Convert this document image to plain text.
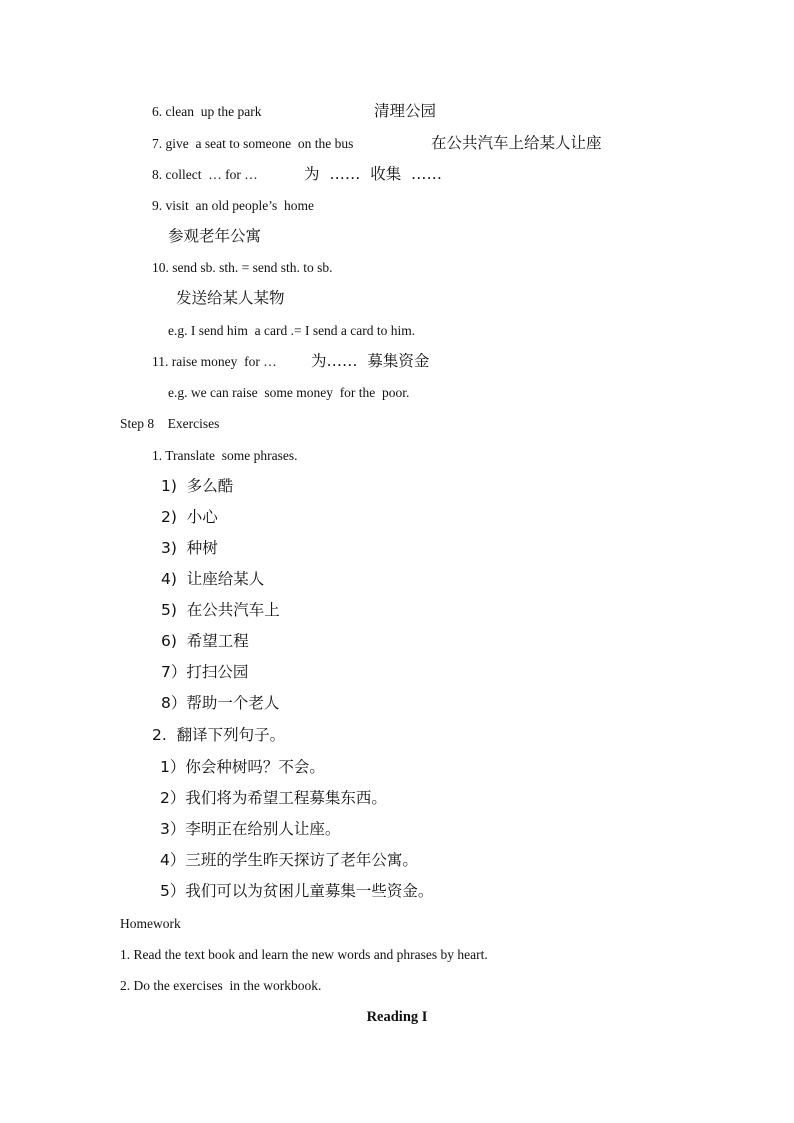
6. clean  up the park	清理公园
7. give  a seat to someone  on the bus	在公共汽车上给某人让座
8. collect  … for …	为  ……  收集  ……
9. visit  an old people’s  home
参观老年公寓
10. send sb. sth. = send sth. to sb.
发送给某人某物
e.g. I send him  a card .= I send a card to him.
11. raise money  for … 为……  募集资金
e.g. we can raise  some money  for the  poor.
Step 8    Exercises
1. Translate  some phrases.
1)  多么酷
2)  小心
3)  种树
4)  让座给某人
5)  在公共汽车上
6)  希望工程
7）打扫公园
8）帮助一个老人
2.  翻译下列句子。
1）你会种树吗？不会。
2）我们将为希望工程募集东西。
3）李明正在给别人让座。
4）三班的学生昨天探访了老年公寓。
5）我们可以为贫困儿童募集一些资金。
Homework
1. Read the text book and learn the new words and phrases by heart.
2. Do the exercises  in the workbook.
Reading I
